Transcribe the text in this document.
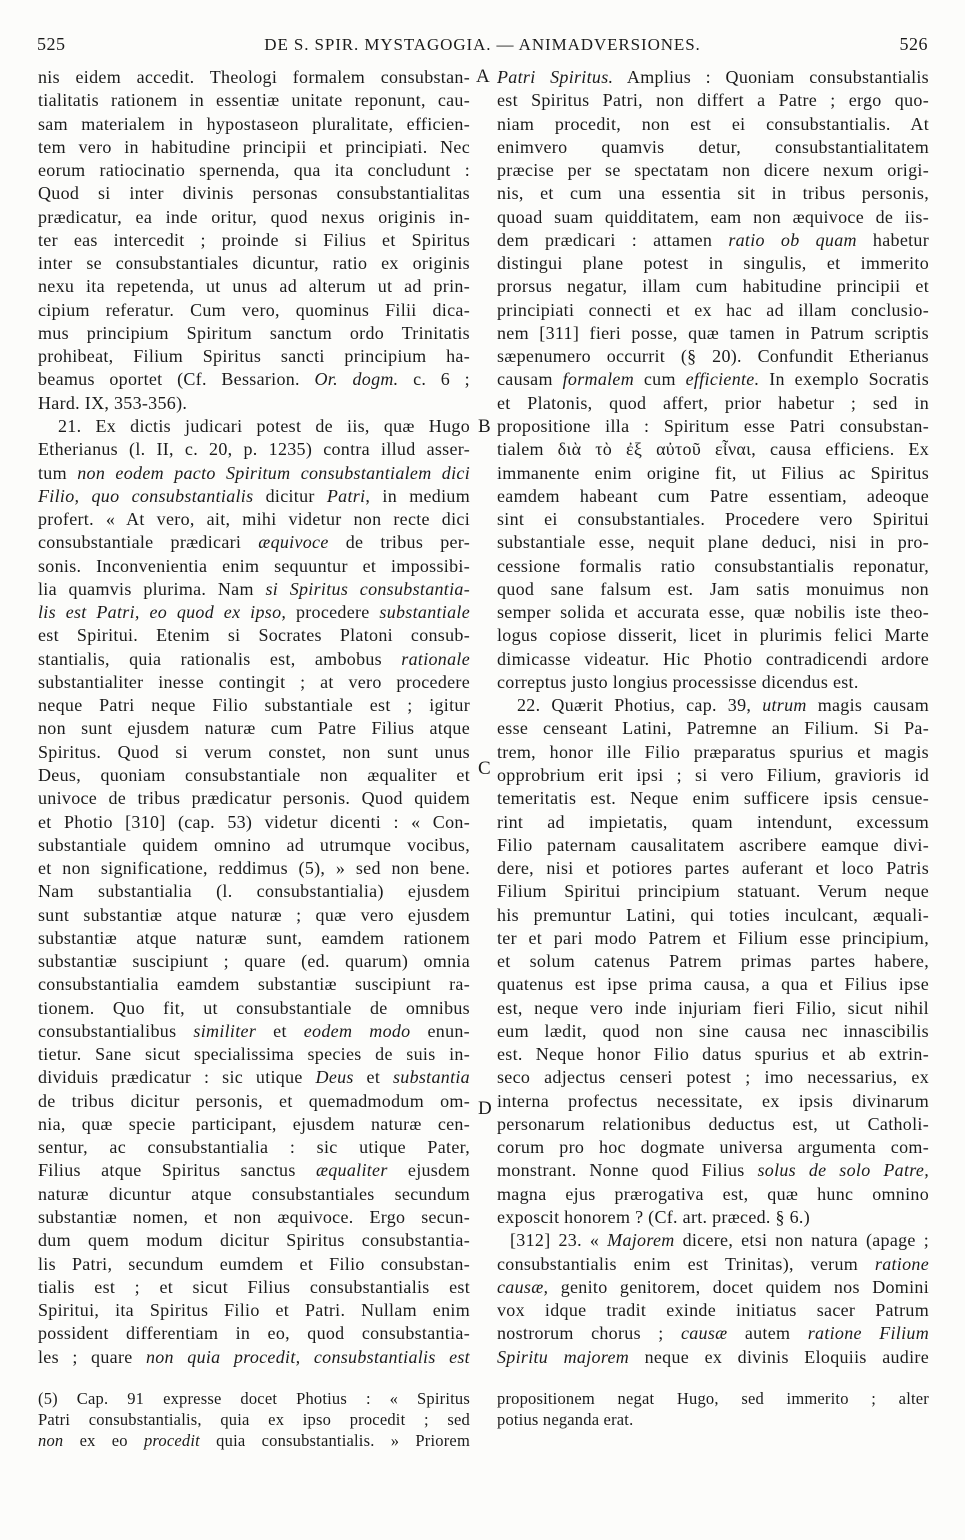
525	DE S. SPIR. MYSTAGOGIA. — ANIMADVERSIONES.	526
nis eidem accedit. Theologi formalem consubstan-
tialitatis rationem in essentiæ unitate reponunt, cau-
sam materialem in hypostaseon pluralitate, efficien-
tem vero in habitudine principii et principiati. Nec
eorum ratiocinatio spernenda, qua ita concludunt :
Quod si inter divinis personas consubstantialitas
prædicatur, ea inde oritur, quod nexus originis in-
ter eas intercedit ; proinde si Filius et Spiritus
inter se consubstantiales dicuntur, ratio ex originis
nexu ita repetenda, ut unus ad alterum ut ad prin-
cipium referatur. Cum vero, quominus Filii dica-
mus principium Spiritum sanctum ordo Trinitatis
prohibeat, Filium Spiritus sancti principium ha-
beamus oportet (Cf. Bessarion. Or. dogm. c. 6 ;
Hard. IX, 353-356).
21. Ex dictis judicari potest de iis, quæ Hugo
Etherianus (l. II, c. 20, p. 1235) contra illud asser-
tum non eodem pacto Spiritum consubstantialem dici
Filio, quo consubstantialis dicitur Patri, in medium
profert. « At vero, ait, mihi videtur non recte dici
consubstantiale prædicari æquivoce de tribus per-
sonis. Inconvenientia enim sequuntur et impossibi-
lia quamvis plurima. Nam si Spiritus consubstantia-
lis est Patri, eo quod ex ipso, procedere substantiale
est Spiritui. Etenim si Socrates Platoni consub-
stantialis, quia rationalis est, ambobus rationale
substantialiter inesse contingit ; at vero procedere
neque Patri neque Filio substantiale est ; igitur
non sunt ejusdem naturæ cum Patre Filius atque
Spiritus. Quod si verum constet, non sunt unus
Deus, quoniam consubstantiale non æqualiter et
univoce de tribus prædicatur personis. Quod quidem
et Photio [310] (cap. 53) videtur dicenti : « Con-
substantiale quidem omnino ad utrumque vocibus,
et non significatione, reddimus (5), » sed non bene.
Nam substantialia (l. consubstantialia) ejusdem
sunt substantiæ atque naturæ ; quæ vero ejusdem
substantiæ atque naturæ sunt, eamdem rationem
substantiæ suscipiunt ; quare (ed. quarum) omnia
consubstantialia eamdem substantiæ suscipiunt ra-
tionem. Quo fit, ut consubstantiale de omnibus
consubstantialibus similiter et eodem modo enun-
tietur. Sane sicut specialissima species de suis in-
dividuis prædicatur : sic utique Deus et substantia
de tribus dicitur personis, et quemadmodum om-
nia, quæ specie participant, ejusdem naturæ cen-
sentur, ac consubstantialia : sic utique Pater,
Filius atque Spiritus sanctus æqualiter ejusdem
naturæ dicuntur atque consubstantiales secundum
substantiæ nomen, et non æquivoce. Ergo secun-
dum quem modum dicitur Spiritus consubstantia-
lis Patri, secundum eumdem et Filio consubstan-
tialis est ; et sicut Filius consubstantialis est
Spiritui, ita Spiritus Filio et Patri. Nullam enim
possident differentiam in eo, quod consubstantia-
les ; quare non quia procedit, consubstantialis est
Patri Spiritus. Amplius : Quoniam consubstantialis
est Spiritus Patri, non differt a Patre ; ergo quo-
niam procedit, non est ei consubstantialis. At
enimvero quamvis detur, consubstantialitatem
præcise per se spectatam non dicere nexum origi-
nis, et cum una essentia sit in tribus personis,
quoad suam quidditatem, eam non æquivoce de iis-
dem prædicari : attamen ratio ob quam habetur
distingui plane potest in singulis, et immerito
prorsus negatur, illam cum habitudine principii et
principiati connecti et ex hac ad illam conclusio-
nem [311] fieri posse, quæ tamen in Patrum scriptis
sæpenumero occurrit (§ 20). Confundit Etherianus
causam formalem cum efficiente. In exemplo Socratis
et Platonis, quod affert, prior habetur ; sed in
propositione illa : Spiritum esse Patri consubstan-
tialem διὰ τὸ ἐξ αὐτοῦ εἶναι, causa efficiens. Ex
immanente enim origine fit, ut Filius ac Spiritus
eamdem habeant cum Patre essentiam, adeoque
sint ei consubstantiales. Procedere vero Spiritui
substantiale esse, nequit plane deduci, nisi in pro-
cessione formalis ratio consubstantialis reponatur,
quod sane falsum est. Jam satis monuimus non
semper solida et accurata esse, quæ nobilis iste theo-
logus copiose disserit, licet in plurimis felici Marte
dimicasse videatur. Hic Photio contradicendi ardore
correptus justo longius processisse dicendus est.
22. Quærit Photius, cap. 39, utrum magis causam
esse censeant Latini, Patremne an Filium. Si Pa-
trem, honor ille Filio præparatus spurius et magis
opprobrium erit ipsi ; si vero Filium, gravioris id
temeritatis est. Neque enim sufficere ipsis censue-
rint ad impietatis, quam intendunt, excessum
Filio paternam causalitatem ascribere eamque divi-
dere, nisi et potiores partes auferant et loco Patris
Filium Spiritui principium statuant. Verum neque
his premuntur Latini, qui toties inculcant, æquali-
ter et pari modo Patrem et Filium esse principium,
et solum catenus Patrem primas partes habere,
quatenus est ipse prima causa, a qua et Filius ipse
est, neque vero inde injuriam fieri Filio, sicut nihil
eum lædit, quod non sine causa nec innascibilis
est. Neque honor Filio datus spurius et ab extrin-
seco adjectus censeri potest ; imo necessarius, ex
interna profectus necessitate, ex ipsis divinarum
personarum relationibus deductus est, ut Catholi-
corum pro hoc dogmate universa argumenta com-
monstrant. Nonne quod Filius solus de solo Patre,
magna ejus prærogativa est, quæ hunc omnino
exposcit honorem ? (Cf. art. præced. § 6.)
[312] 23. « Majorem dicere, etsi non natura (apage ;
consubstantialis enim est Trinitas), verum ratione
causæ, genito genitorem, docet quidem nos Domini
vox idque tradit exinde initiatus sacer Patrum
nostrorum chorus ; causæ autem ratione Filium
Spiritu majorem neque ex divinis Eloquiis audire
A
B
C
D
(5) Cap. 91 expresse docet Photius : « Spiritus
Patri consubstantialis, quia ex ipso procedit ; sed
non ex eo procedit quia consubstantialis. » Priorem
propositionem negat Hugo, sed immerito ; alter
potius neganda erat.
